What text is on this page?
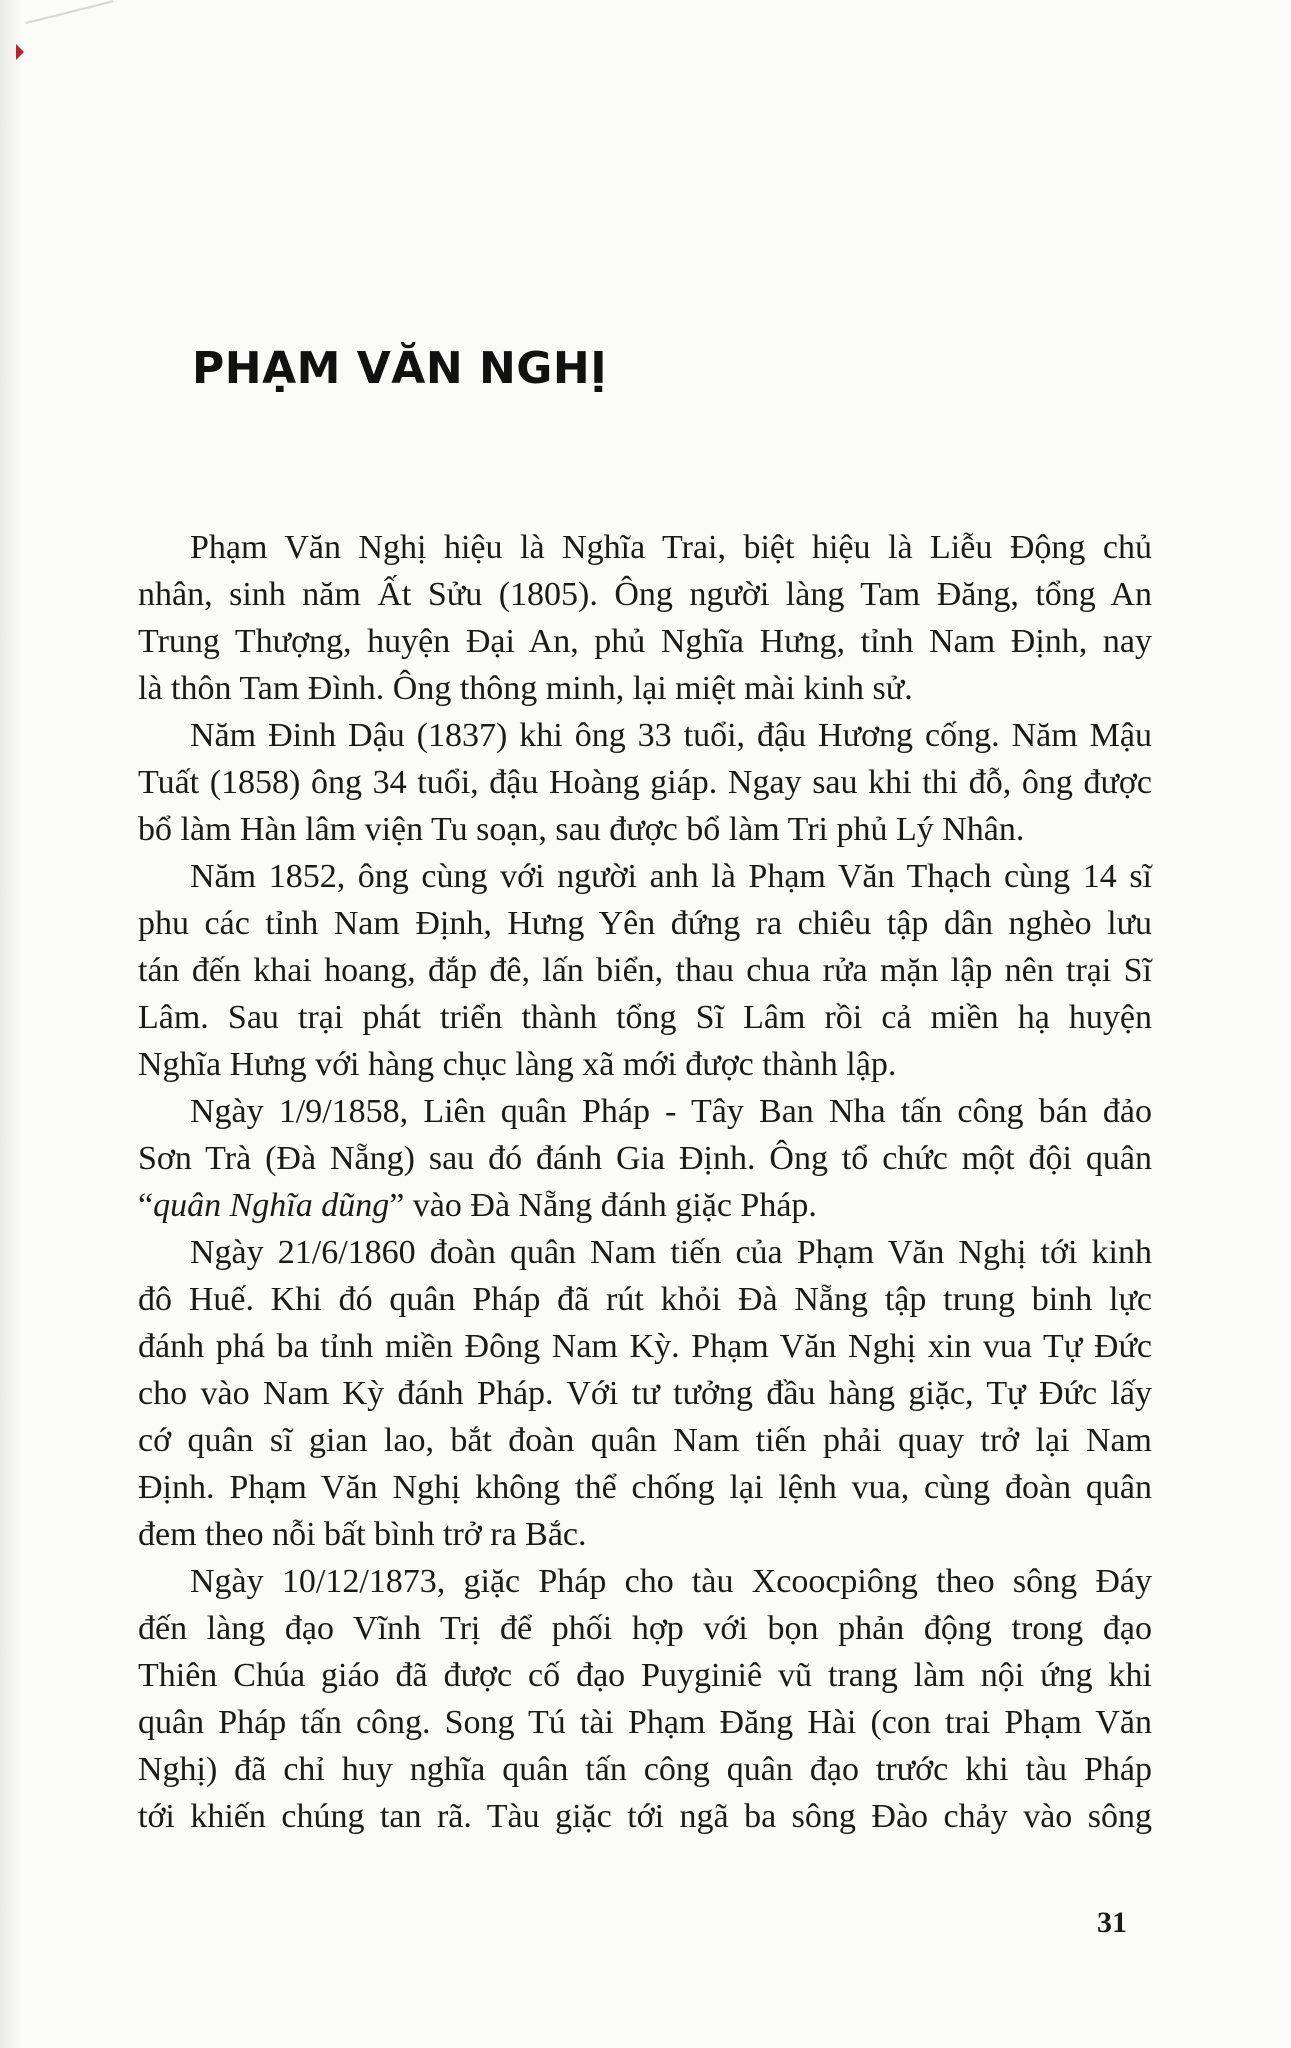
PHẠM VĂN NGHỊ
Phạm Văn Nghị hiệu là Nghĩa Trai, biệt hiệu là Liễu Động chủ
nhân, sinh năm Ất Sửu (1805). Ông người làng Tam Đăng, tổng An
Trung Thượng, huyện Đại An, phủ Nghĩa Hưng, tỉnh Nam Định, nay
là thôn Tam Đình. Ông thông minh, lại miệt mài kinh sử.
Năm Đinh Dậu (1837) khi ông 33 tuổi, đậu Hương cống. Năm Mậu
Tuất (1858) ông 34 tuổi, đậu Hoàng giáp. Ngay sau khi thi đỗ, ông được
bổ làm Hàn lâm viện Tu soạn, sau được bổ làm Tri phủ Lý Nhân.
Năm 1852, ông cùng với người anh là Phạm Văn Thạch cùng 14 sĩ
phu các tỉnh Nam Định, Hưng Yên đứng ra chiêu tập dân nghèo lưu
tán đến khai hoang, đắp đê, lấn biển, thau chua rửa mặn lập nên trại Sĩ
Lâm. Sau trại phát triển thành tổng Sĩ Lâm rồi cả miền hạ huyện
Nghĩa Hưng với hàng chục làng xã mới được thành lập.
Ngày 1/9/1858, Liên quân Pháp - Tây Ban Nha tấn công bán đảo
Sơn Trà (Đà Nẵng) sau đó đánh Gia Định. Ông tổ chức một đội quân
“quân Nghĩa dũng” vào Đà Nẵng đánh giặc Pháp.
Ngày 21/6/1860 đoàn quân Nam tiến của Phạm Văn Nghị tới kinh
đô Huế. Khi đó quân Pháp đã rút khỏi Đà Nẵng tập trung binh lực
đánh phá ba tỉnh miền Đông Nam Kỳ. Phạm Văn Nghị xin vua Tự Đức
cho vào Nam Kỳ đánh Pháp. Với tư tưởng đầu hàng giặc, Tự Đức lấy
cớ quân sĩ gian lao, bắt đoàn quân Nam tiến phải quay trở lại Nam
Định. Phạm Văn Nghị không thể chống lại lệnh vua, cùng đoàn quân
đem theo nỗi bất bình trở ra Bắc.
Ngày 10/12/1873, giặc Pháp cho tàu Xcoocpiông theo sông Đáy
đến làng đạo Vĩnh Trị để phối hợp với bọn phản động trong đạo
Thiên Chúa giáo đã được cố đạo Puyginiê vũ trang làm nội ứng khi
quân Pháp tấn công. Song Tú tài Phạm Đăng Hài (con trai Phạm Văn
Nghị) đã chỉ huy nghĩa quân tấn công quân đạo trước khi tàu Pháp
tới khiến chúng tan rã. Tàu giặc tới ngã ba sông Đào chảy vào sông
31
